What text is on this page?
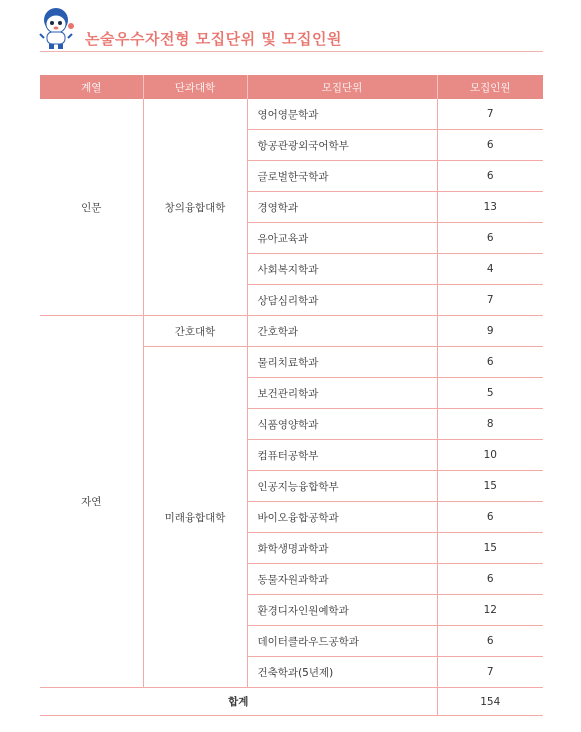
논술우수자전형 모집단위 및 모집인원
계열	단과대학	모집단위	모집인원
인문	창의융합대학	영어영문학과	7
		항공관광외국어학부	6
		글로벌한국학과	6
		경영학과	13
		유아교육과	6
		사회복지학과	4
		상담심리학과	7
자연	간호대학	간호학과	9
	미래융합대학	물리치료학과	6
		보건관리학과	5
		식품영양학과	8
		컴퓨터공학부	10
		인공지능융합학부	15
		바이오융합공학과	6
		화학생명과학과	15
		동물자원과학과	6
		환경디자인원예학과	12
		데이터클라우드공학과	6
		건축학과(5년제)	7
합계			154
